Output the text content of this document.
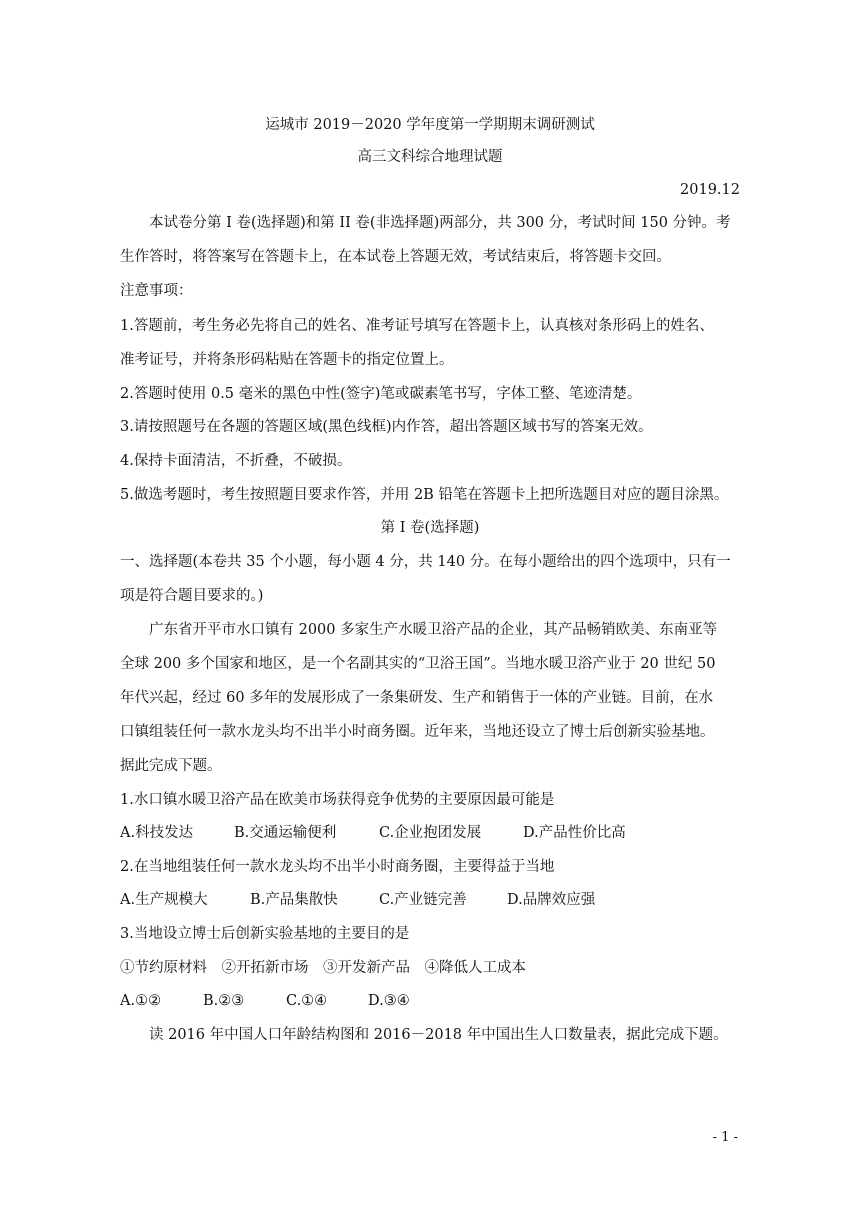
运城市 2019－2020 学年度第一学期期末调研测试
高三文科综合地理试题
2019.12
本试卷分第 I 卷(选择题)和第 II 卷(非选择题)两部分，共 300 分，考试时间 150 分钟。考
生作答时，将答案写在答题卡上，在本试卷上答题无效，考试结束后，将答题卡交回。
注意事项：
1.答题前，考生务必先将自己的姓名、准考证号填写在答题卡上，认真核对条形码上的姓名、
准考证号，并将条形码粘贴在答题卡的指定位置上。
2.答题时使用 0.5 毫米的黑色中性(签字)笔或碳素笔书写，字体工整、笔迹清楚。
3.请按照题号在各题的答题区域(黑色线框)内作答，超出答题区域书写的答案无效。
4.保持卡面清洁，不折叠，不破损。
5.做选考题时，考生按照题目要求作答，并用 2B 铅笔在答题卡上把所选题目对应的题目涂黑。
第 I 卷(选择题)
一、选择题(本卷共 35 个小题，每小题 4 分，共 140 分。在每小题给出的四个选项中，只有一
项是符合题目要求的。)
广东省开平市水口镇有 2000 多家生产水暖卫浴产品的企业，其产品畅销欧美、东南亚等
全球 200 多个国家和地区，是一个名副其实的“卫浴王国”。当地水暖卫浴产业于 20 世纪 50
年代兴起，经过 60 多年的发展形成了一条集研发、生产和销售于一体的产业链。目前，在水
口镇组装任何一款水龙头均不出半小时商务圈。近年来，当地还设立了博士后创新实验基地。
据此完成下题。
1.水口镇水暖卫浴产品在欧美市场获得竞争优势的主要原因最可能是
A.科技发达	B.交通运输便利	C.企业抱团发展	D.产品性价比高
2.在当地组装任何一款水龙头均不出半小时商务圈，主要得益于当地
A.生产规模大	B.产品集散快	C.产业链完善	D.品牌效应强
3.当地设立博士后创新实验基地的主要目的是
①节约原材料　②开拓新市场　③开发新产品　④降低人工成本
A.①②	B.②③	C.①④	D.③④
读 2016 年中国人口年龄结构图和 2016－2018 年中国出生人口数量表，据此完成下题。
- 1 -
